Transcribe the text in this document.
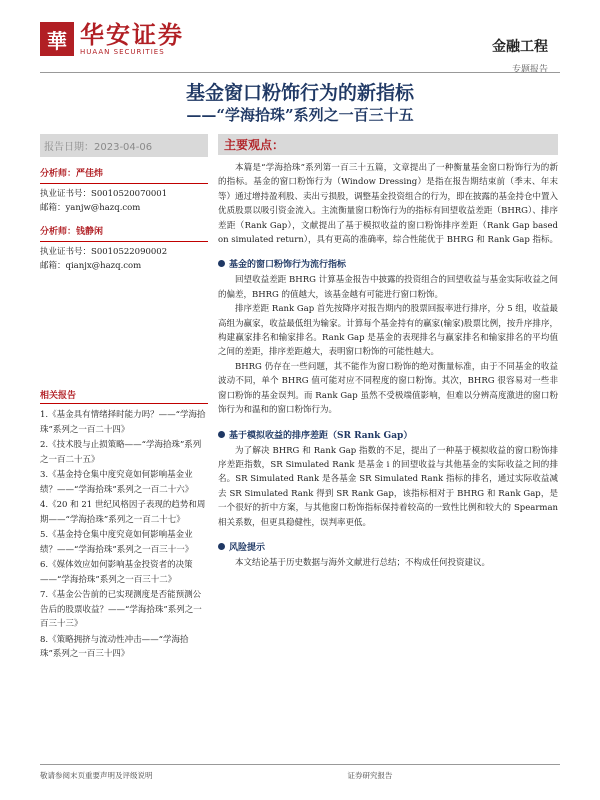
華 华安证券
HUAAN SECURITIES	金融工程
专题报告
基金窗口粉饰行为的新指标
——“学海拾珠”系列之一百三十五
报告日期：2023-04-06
分析师：严佳炜
执业证书号：S0010520070001
邮箱：yanjw@hazq.com
分析师：钱静闲
执业证书号：S0010522090002
邮箱：qianjx@hazq.com
相关报告
1.《基金具有情绪择时能力吗？——“学海拾珠”系列之一百二十四》
2.《技术股与止损策略——“学海拾珠”系列之一百二十五》
3.《基金持仓集中度究竟如何影响基金业绩？——“学海拾珠”系列之一百二十六》
4.《20 和 21 世纪风格因子表现的趋势和周期——“学海拾珠”系列之一百二十七》
5.《基金持仓集中度究竟如何影响基金业绩？——“学海拾珠”系列之一百三十一》
6.《媒体效应如何影响基金投资者的决策——“学海拾珠”系列之一百三十二》
7.《基金公告前的已实现测度是否能预测公告后的股票收益？——“学海拾珠”系列之一百三十三》
8.《策略拥挤与流动性冲击——“学海拾珠”系列之一百三十四》
主要观点：

本篇是“学海拾珠”系列第一百三十五篇，文章提出了一种衡量基金窗口粉饰行为的新的指标。基金的窗口粉饰行为（Window Dressing）是指在报告期结束前（季末、年末等）通过增持盈利股、卖出亏损股，调整基金投资组合的行为，即在披露的基金持仓中置入优质股票以吸引资金流入。主流衡量窗口粉饰行为的指标有回望收益差距（BHRG）、排序差距（Rank Gap），文献提出了基于模拟收益的窗口粉饰排序差距（Rank Gap based on simulated return），具有更高的准确率，综合性能优于 BHRG 和 Rank Gap 指标。

基金的窗口粉饰行为流行指标

回望收益差距 BHRG 计算基金报告中披露的投资组合的回望收益与基金实际收益之间的偏差，BHRG 的值越大，该基金越有可能进行窗口粉饰。

排序差距 Rank Gap 首先按降序对报告期内的股票回报率进行排序，分 5 组，收益最高组为赢家，收益最低组为输家。计算每个基金持有的赢家(输家)股票比例，按升序排序，构建赢家排名和输家排名。Rank Gap 是基金的表现排名与赢家排名和输家排名的平均值之间的差距，排序差距越大，表明窗口粉饰的可能性越大。

BHRG 仍存在一些问题，其不能作为窗口粉饰的绝对衡量标准，由于不同基金的收益波动不同，单个 BHRG 值可能对应不同程度的窗口粉饰。其次，BHRG 很容易对一些非窗口粉饰的基金误判。而 Rank Gap 虽然不受极端值影响，但难以分辨高度激进的窗口粉饰行为和温和的窗口粉饰行为。

基于模拟收益的排序差距（SR Rank Gap）

为了解决 BHRG 和 Rank Gap 指数的不足，提出了一种基于模拟收益的窗口粉饰排序差距指数，SR Simulated Rank 是基金 i 的回望收益与其他基金的实际收益之间的排名。SR Simulated Rank 是各基金 SR Simulated Rank 指标的排名，通过实际收益减去 SR Simulated Rank 得到 SR Rank Gap，该指标相对于 BHRG 和 Rank Gap，是一个很好的折中方案，与其他窗口粉饰指标保持着较高的一致性比例和较大的 Spearman 相关系数，但更具稳健性，误判率更低。

风险提示

本文结论基于历史数据与海外文献进行总结；不构成任何投资建议。

敬请参阅末页重要声明及评级说明	证券研究报告
